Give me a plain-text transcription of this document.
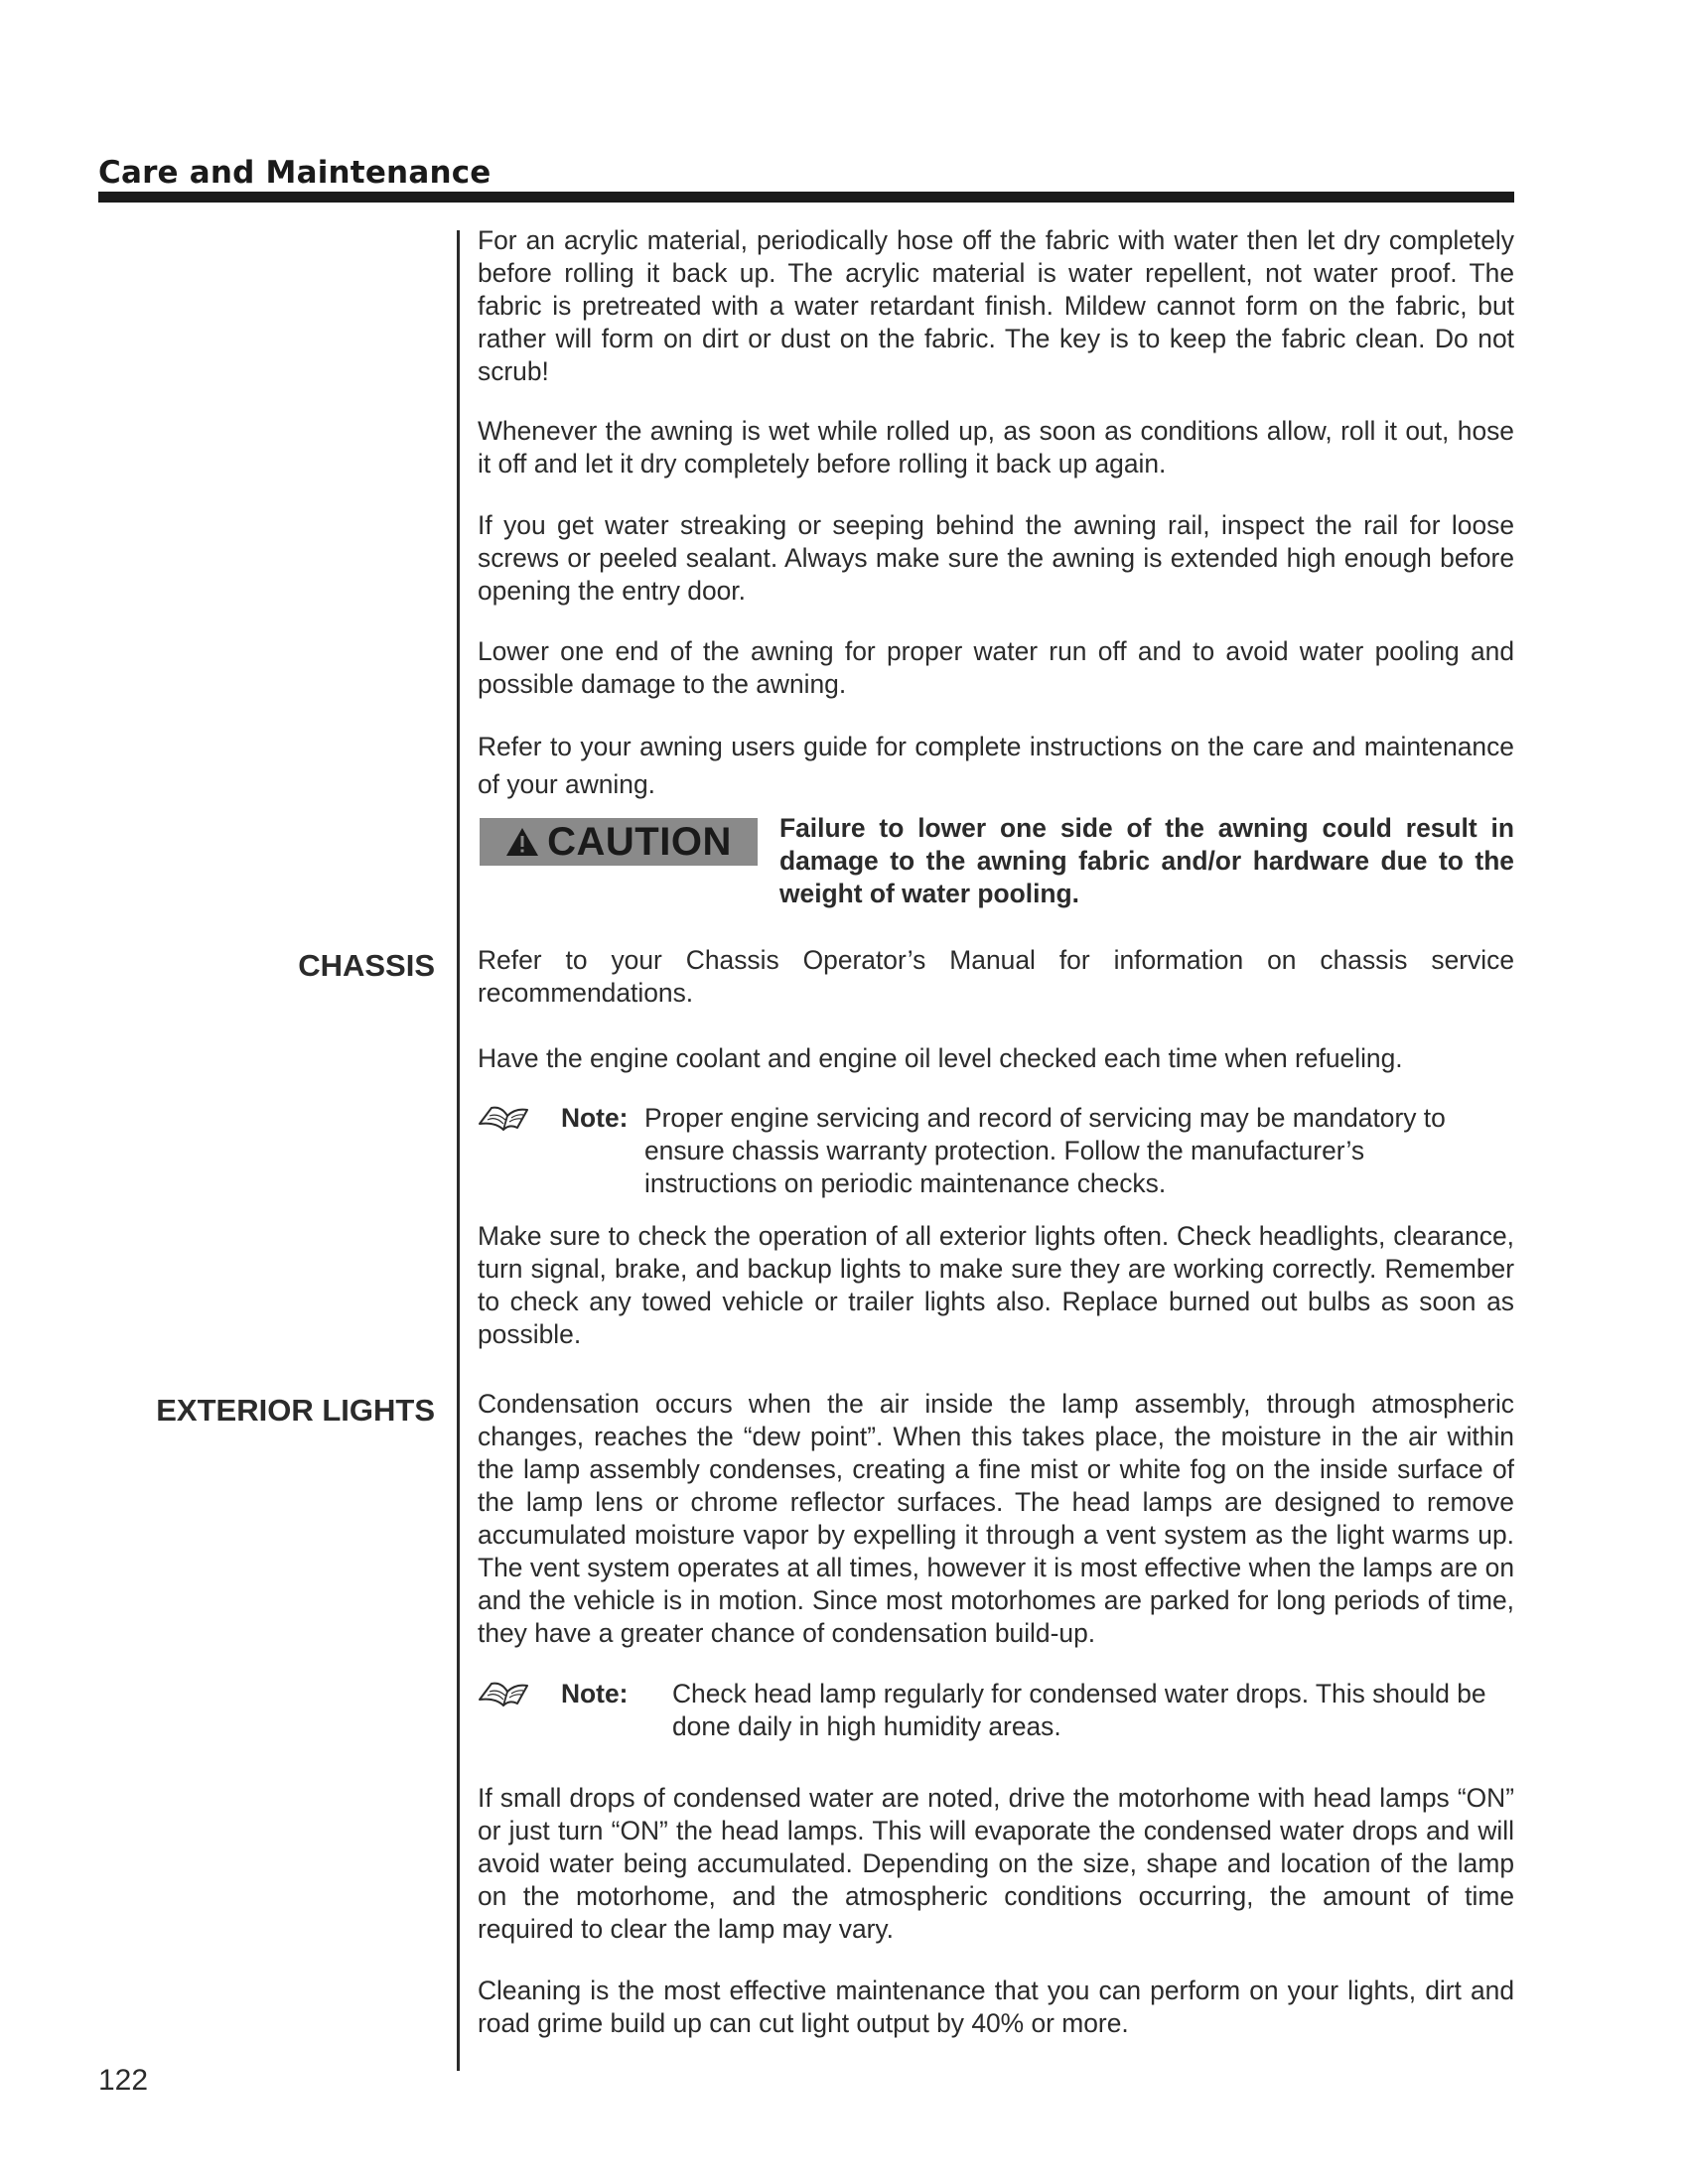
Care and Maintenance

For an acrylic material, periodically hose off the fabric with water then let dry completely before rolling it back up. The acrylic material is water repellent, not water proof. The fabric is pretreated with a water retardant finish. Mildew cannot form on the fabric, but rather will form on dirt or dust on the fabric. The key is to keep the fabric clean. Do not scrub!

Whenever the awning is wet while rolled up, as soon as conditions allow, roll it out, hose it off and let it dry completely before rolling it back up again.

If you get water streaking or seeping behind the awning rail, inspect the rail for loose screws or peeled sealant. Always make sure the awning is extended high enough before opening the entry door.

Lower one end of the awning for proper water run off and to avoid water pooling and possible damage to the awning.

Refer to your awning users guide for complete instructions on the care and maintenance of your awning.

CAUTION Failure to lower one side of the awning could result in damage to the awning fabric and/or hardware due to the weight of water pooling.

CHASSIS Refer to your Chassis Operator’s Manual for information on chassis service recommendations.

Have the engine coolant and engine oil level checked each time when refueling.

Note: Proper engine servicing and record of servicing may be mandatory to ensure chassis warranty protection. Follow the manufacturer’s instructions on periodic maintenance checks.

Make sure to check the operation of all exterior lights often. Check headlights, clearance, turn signal, brake, and backup lights to make sure they are working correctly. Remember to check any towed vehicle or trailer lights also. Replace burned out bulbs as soon as possible.

EXTERIOR LIGHTS Condensation occurs when the air inside the lamp assembly, through atmospheric changes, reaches the “dew point”. When this takes place, the moisture in the air within the lamp assembly condenses, creating a fine mist or white fog on the inside surface of the lamp lens or chrome reflector surfaces. The head lamps are designed to remove accumulated moisture vapor by expelling it through a vent system as the light warms up. The vent system operates at all times, however it is most effective when the lamps are on and the vehicle is in motion. Since most motorhomes are parked for long periods of time, they have a greater chance of condensation build-up.

Note: Check head lamp regularly for condensed water drops. This should be done daily in high humidity areas.

If small drops of condensed water are noted, drive the motorhome with head lamps “ON” or just turn “ON” the head lamps. This will evaporate the condensed water drops and will avoid water being accumulated. Depending on the size, shape and location of the lamp on the motorhome, and the atmospheric conditions occurring, the amount of time required to clear the lamp may vary.

Cleaning is the most effective maintenance that you can perform on your lights, dirt and road grime build up can cut light output by 40% or more.

122
